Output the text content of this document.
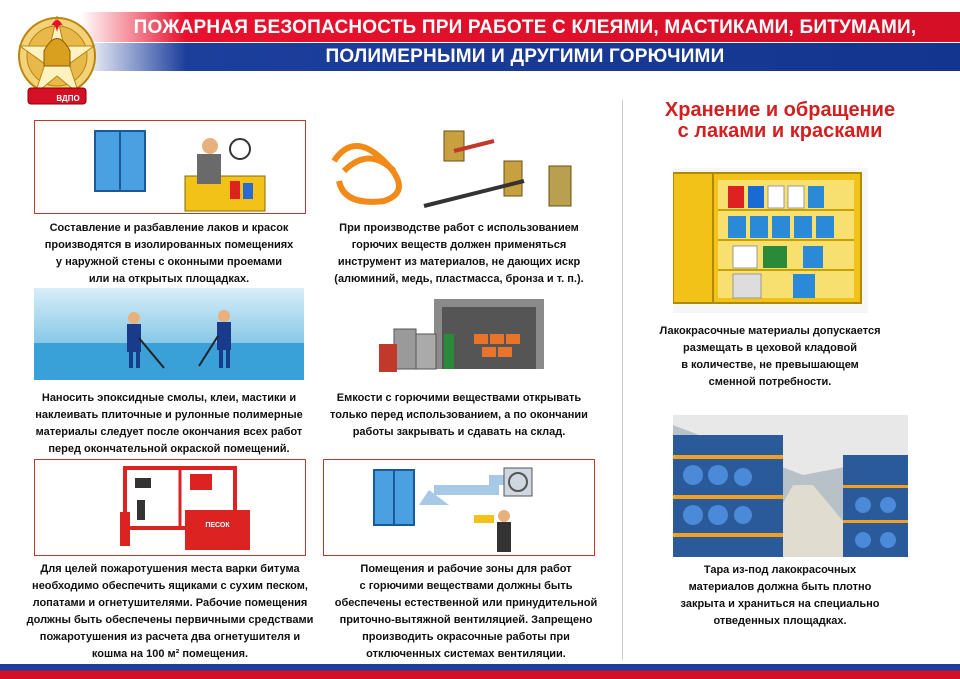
ПОЖАРНАЯ БЕЗОПАСНОСТЬ ПРИ РАБОТЕ С КЛЕЯМИ, МАСТИКАМИ, БИТУМАМИ,
ПОЛИМЕРНЫМИ И ДРУГИМИ ГОРЮЧИМИ
ВДПО
Составление и разбавление лаков и красок
производятся в изолированных помещениях
у наружной стены с оконными проемами
или на открытых площадках.
При производстве работ с использованием
горючих веществ должен применяться
инструмент из материалов, не дающих искр
(алюминий, медь, пластмасса, бронза и т. п.).
Наносить эпоксидные смолы, клеи, мастики и
наклеивать плиточные и рулонные полимерные
материалы следует после окончания всех работ
перед окончательной окраской помещений.
Емкости с горючими веществами открывать
только перед использованием, а по окончании
работы закрывать и сдавать на склад.
ПЕСОК
Для целей пожаротушения места варки битума
необходимо обеспечить ящиками с сухим песком,
лопатами и огнетушителями. Рабочие помещения
должны быть обеспечены первичными средствами
пожаротушения из расчета два огнетушителя и
кошма на 100 м² помещения.
Помещения и рабочие зоны для работ
с горючими веществами должны быть
обеспечены естественной или принудительной
приточно-вытяжной вентиляцией. Запрещено
производить окрасочные работы при
отключенных системах вентиляции.
Хранение и обращение
с лаками и красками
Лакокрасочные материалы допускается
размещать в цеховой кладовой
в количестве, не превышающем
сменной потребности.
Тара из-под лакокрасочных
материалов должна быть плотно
закрыта и храниться на специально
отведенных площадках.
